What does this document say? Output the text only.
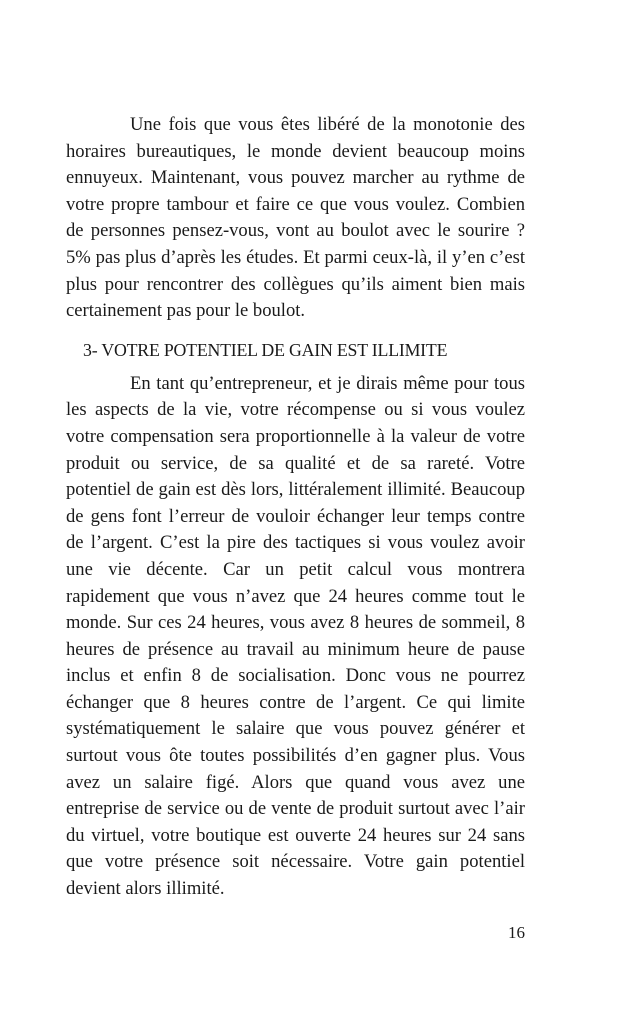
Une fois que vous êtes libéré de la monotonie des horaires bureautiques, le monde devient beaucoup moins ennuyeux. Maintenant, vous pouvez marcher au rythme de votre propre tambour et faire ce que vous voulez. Combien de personnes pensez-vous, vont au boulot avec le sourire ? 5% pas plus d’après les études. Et parmi ceux-là, il y’en c’est plus pour rencontrer des collègues qu’ils aiment bien mais certainement pas pour le boulot.

3- VOTRE POTENTIEL DE GAIN EST ILLIMITE

En tant qu’entrepreneur, et je dirais même pour tous les aspects de la vie, votre récompense ou si vous voulez votre compensation sera proportionnelle à la valeur de votre produit ou service, de sa qualité et de sa rareté. Votre potentiel de gain est dès lors, littéralement illimité. Beaucoup de gens font l’erreur de vouloir échanger leur temps contre de l’argent. C’est la pire des tactiques si vous voulez avoir une vie décente. Car un petit calcul vous montrera rapidement que vous n’avez que 24 heures comme tout le monde. Sur ces 24 heures, vous avez 8 heures de sommeil, 8 heures de présence au travail au minimum heure de pause inclus et enfin 8 de socialisation. Donc vous ne pourrez échanger que 8 heures contre de l’argent. Ce qui limite systématiquement le salaire que vous pouvez générer et surtout vous ôte toutes possibilités d’en gagner plus. Vous avez un salaire figé. Alors que quand vous avez une entreprise de service ou de vente de produit surtout avec l’air du virtuel, votre boutique est ouverte 24 heures sur 24 sans que votre présence soit nécessaire. Votre gain potentiel devient alors illimité.

16
